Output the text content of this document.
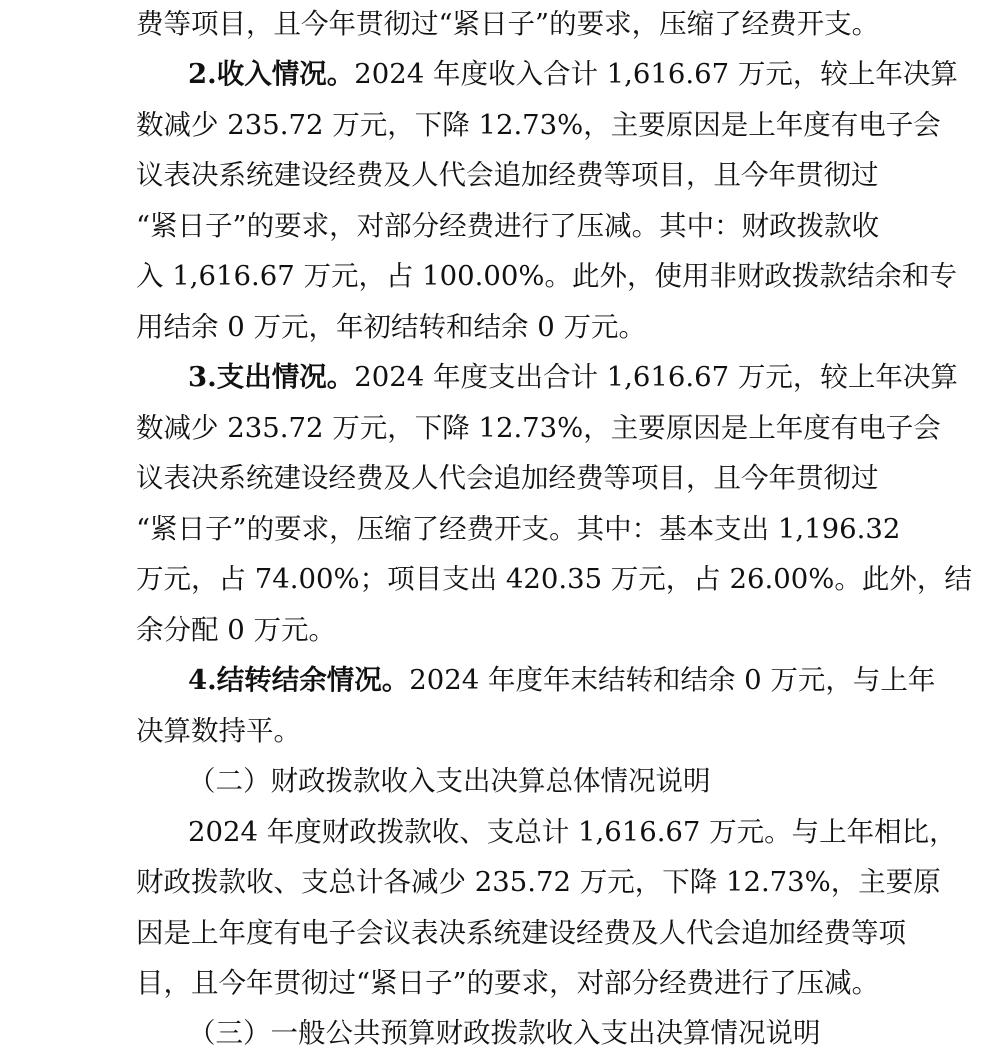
费等项目，且今年贯彻过“紧日子”的要求，压缩了经费开支。
2.收入情况。2024 年度收入合计 1,616.67 万元，较上年决算
数减少 235.72 万元，下降 12.73%，主要原因是上年度有电子会
议表决系统建设经费及人代会追加经费等项目，且今年贯彻过
“紧日子”的要求，对部分经费进行了压减。其中：财政拨款收
入 1,616.67 万元，占 100.00%。此外，使用非财政拨款结余和专
用结余 0 万元，年初结转和结余 0 万元。
3.支出情况。2024 年度支出合计 1,616.67 万元，较上年决算
数减少 235.72 万元，下降 12.73%，主要原因是上年度有电子会
议表决系统建设经费及人代会追加经费等项目，且今年贯彻过
“紧日子”的要求，压缩了经费开支。其中：基本支出 1,196.32
万元，占 74.00%；项目支出 420.35 万元，占 26.00%。此外，结
余分配 0 万元。
4.结转结余情况。2024 年度年末结转和结余 0 万元，与上年
决算数持平。
（二）财政拨款收入支出决算总体情况说明
2024 年度财政拨款收、支总计 1,616.67 万元。与上年相比，
财政拨款收、支总计各减少 235.72 万元，下降 12.73%，主要原
因是上年度有电子会议表决系统建设经费及人代会追加经费等项
目，且今年贯彻过“紧日子”的要求，对部分经费进行了压减。
（三）一般公共预算财政拨款收入支出决算情况说明
